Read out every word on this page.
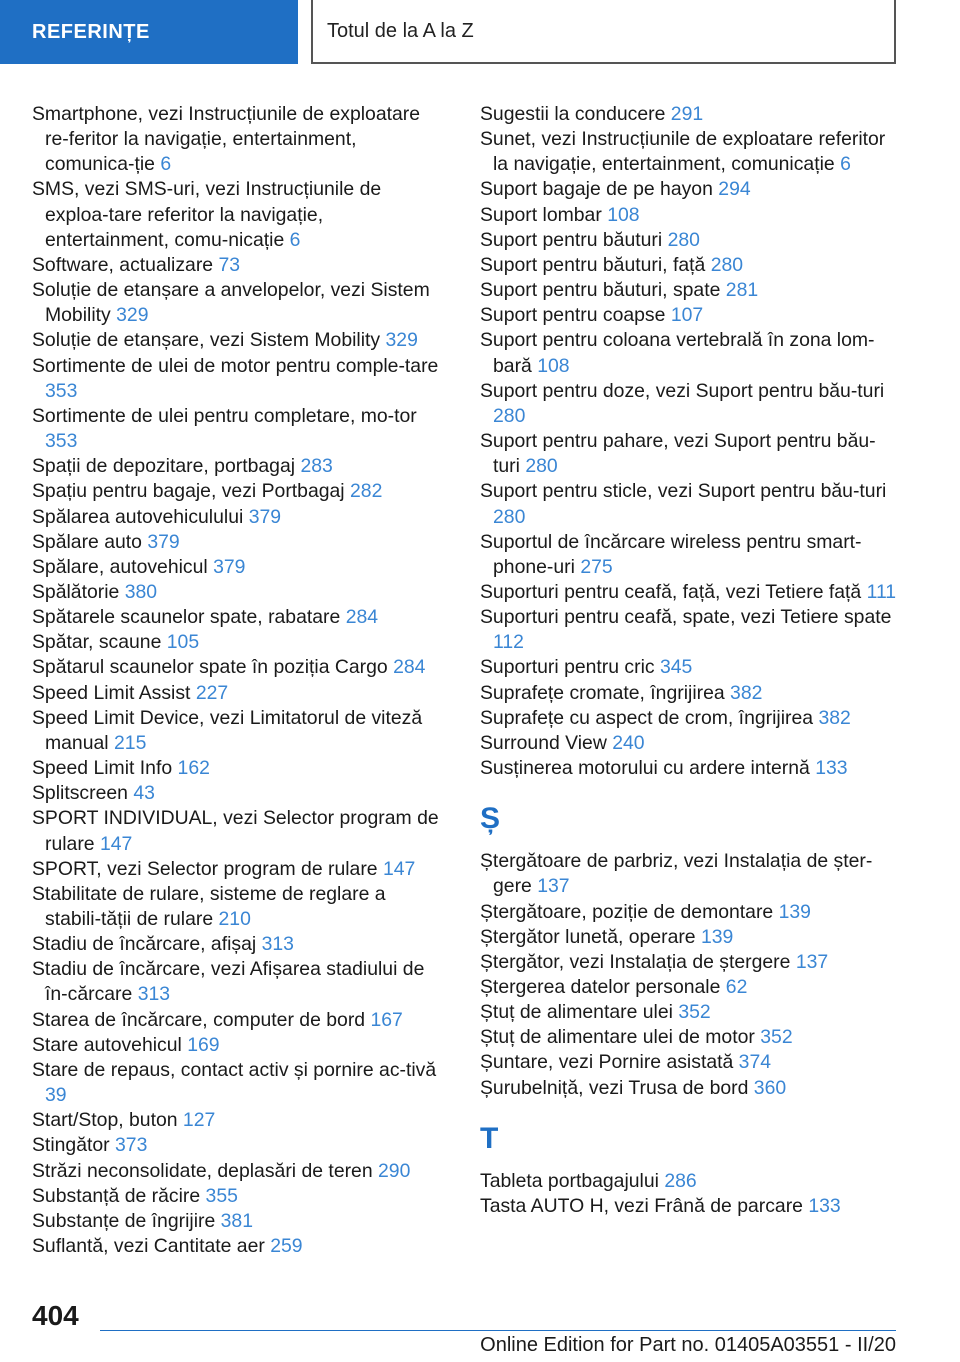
REFERINȚE	Totul de la A la Z
Smartphone, vezi Instrucțiunile de exploatare re-feritor la navigație, entertainment, comunica-ție 6
SMS, vezi SMS-uri, vezi Instrucțiunile de exploa-tare referitor la navigație, entertainment, comu-nicație 6
Software, actualizare 73
Soluție de etanșare a anvelopelor, vezi Sistem Mobility 329
Soluție de etanșare, vezi Sistem Mobility 329
Sortimente de ulei de motor pentru comple-tare 353
Sortimente de ulei pentru completare, mo-tor 353
Spații de depozitare, portbagaj 283
Spațiu pentru bagaje, vezi Portbagaj 282
Spălarea autovehiculului 379
Spălare auto 379
Spălare, autovehicul 379
Spălătorie 380
Spătarele scaunelor spate, rabatare 284
Spătar, scaune 105
Spătarul scaunelor spate în poziția Cargo 284
Speed Limit Assist 227
Speed Limit Device, vezi Limitatorul de viteză manual 215
Speed Limit Info 162
Splitscreen 43
SPORT INDIVIDUAL, vezi Selector program de rulare 147
SPORT, vezi Selector program de rulare 147
Stabilitate de rulare, sisteme de reglare a stabili-tății de rulare 210
Stadiu de încărcare, afișaj 313
Stadiu de încărcare, vezi Afișarea stadiului de în-cărcare 313
Starea de încărcare, computer de bord 167
Stare autovehicul 169
Stare de repaus, contact activ și pornire ac-tivă 39
Start/Stop, buton 127
Stingător 373
Străzi neconsolidate, deplasări de teren 290
Substanță de răcire 355
Substanțe de îngrijire 381
Suflantă, vezi Cantitate aer 259
Sugestii la conducere 291
Sunet, vezi Instrucțiunile de exploatare referitor la navigație, entertainment, comunicație 6
Suport bagaje de pe hayon 294
Suport lombar 108
Suport pentru băuturi 280
Suport pentru băuturi, față 280
Suport pentru băuturi, spate 281
Suport pentru coapse 107
Suport pentru coloana vertebrală în zona lom-bară 108
Suport pentru doze, vezi Suport pentru bău-turi 280
Suport pentru pahare, vezi Suport pentru bău-turi 280
Suport pentru sticle, vezi Suport pentru bău-turi 280
Suportul de încărcare wireless pentru smart-phone-uri 275
Suporturi pentru ceafă, față, vezi Tetiere față 111
Suporturi pentru ceafă, spate, vezi Tetiere spate 112
Suporturi pentru cric 345
Suprafețe cromate, îngrijirea 382
Suprafețe cu aspect de crom, îngrijirea 382
Surround View 240
Susținerea motorului cu ardere internă 133
Ș
Ștergătoare de parbriz, vezi Instalația de șter-gere 137
Ștergătoare, poziție de demontare 139
Ștergător lunetă, operare 139
Ștergător, vezi Instalația de ștergere 137
Ștergerea datelor personale 62
Ștuț de alimentare ulei 352
Ștuț de alimentare ulei de motor 352
Șuntare, vezi Pornire asistată 374
Șurubelniță, vezi Trusa de bord 360
T
Tableta portbagajului 286
Tasta AUTO H, vezi Frână de parcare 133
404
Online Edition for Part no. 01405A03551 - II/20
